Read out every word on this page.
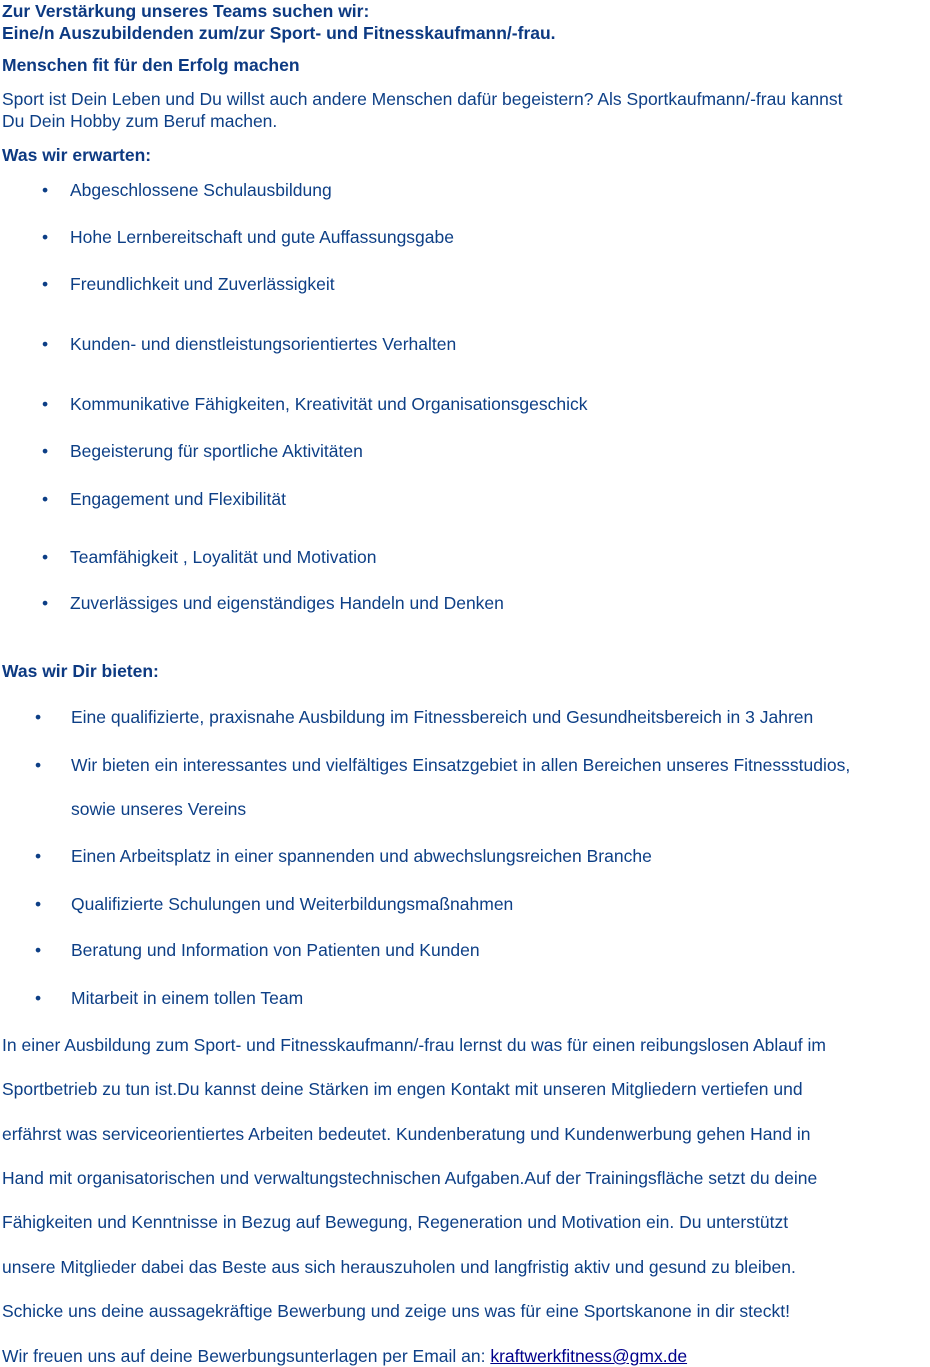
Zur Verstärkung unseres Teams suchen wir:
Eine/n Auszubildenden zum/zur Sport- und Fitnesskaufmann/-frau.
Menschen fit für den Erfolg machen
Sport ist Dein Leben und Du willst auch andere Menschen dafür begeistern? Als Sportkaufmann/-frau kannst
Du Dein Hobby zum Beruf machen.
Was wir erwarten:
• Abgeschlossene Schulausbildung
• Hohe Lernbereitschaft und gute Auffassungsgabe
• Freundlichkeit und Zuverlässigkeit
• Kunden- und dienstleistungsorientiertes Verhalten
• Kommunikative Fähigkeiten, Kreativität und Organisationsgeschick
• Begeisterung für sportliche Aktivitäten
• Engagement und Flexibilität
• Teamfähigkeit , Loyalität und Motivation
• Zuverlässiges und eigenständiges Handeln und Denken
Was wir Dir bieten:
• Eine qualifizierte, praxisnahe Ausbildung im Fitnessbereich und Gesundheitsbereich in 3 Jahren
• Wir bieten ein interessantes und vielfältiges Einsatzgebiet in allen Bereichen unseres Fitnessstudios,
sowie unseres Vereins
• Einen Arbeitsplatz in einer spannenden und abwechslungsreichen Branche
• Qualifizierte Schulungen und Weiterbildungsmaßnahmen
• Beratung und Information von Patienten und Kunden
• Mitarbeit in einem tollen Team
In einer Ausbildung zum Sport- und Fitnesskaufmann/-frau lernst du was für einen reibungslosen Ablauf im
Sportbetrieb zu tun ist.Du kannst deine Stärken im engen Kontakt mit unseren Mitgliedern vertiefen und
erfährst was serviceorientiertes Arbeiten bedeutet. Kundenberatung und Kundenwerbung gehen Hand in
Hand mit organisatorischen und verwaltungstechnischen Aufgaben.Auf der Trainingsfläche setzt du deine
Fähigkeiten und Kenntnisse in Bezug auf Bewegung, Regeneration und Motivation ein. Du unterstützt
unsere Mitglieder dabei das Beste aus sich herauszuholen und langfristig aktiv und gesund zu bleiben.
Schicke uns deine aussagekräftige Bewerbung und zeige uns was für eine Sportskanone in dir steckt!
Wir freuen uns auf deine Bewerbungsunterlagen per Email an: kraftwerkfitness@gmx.de
